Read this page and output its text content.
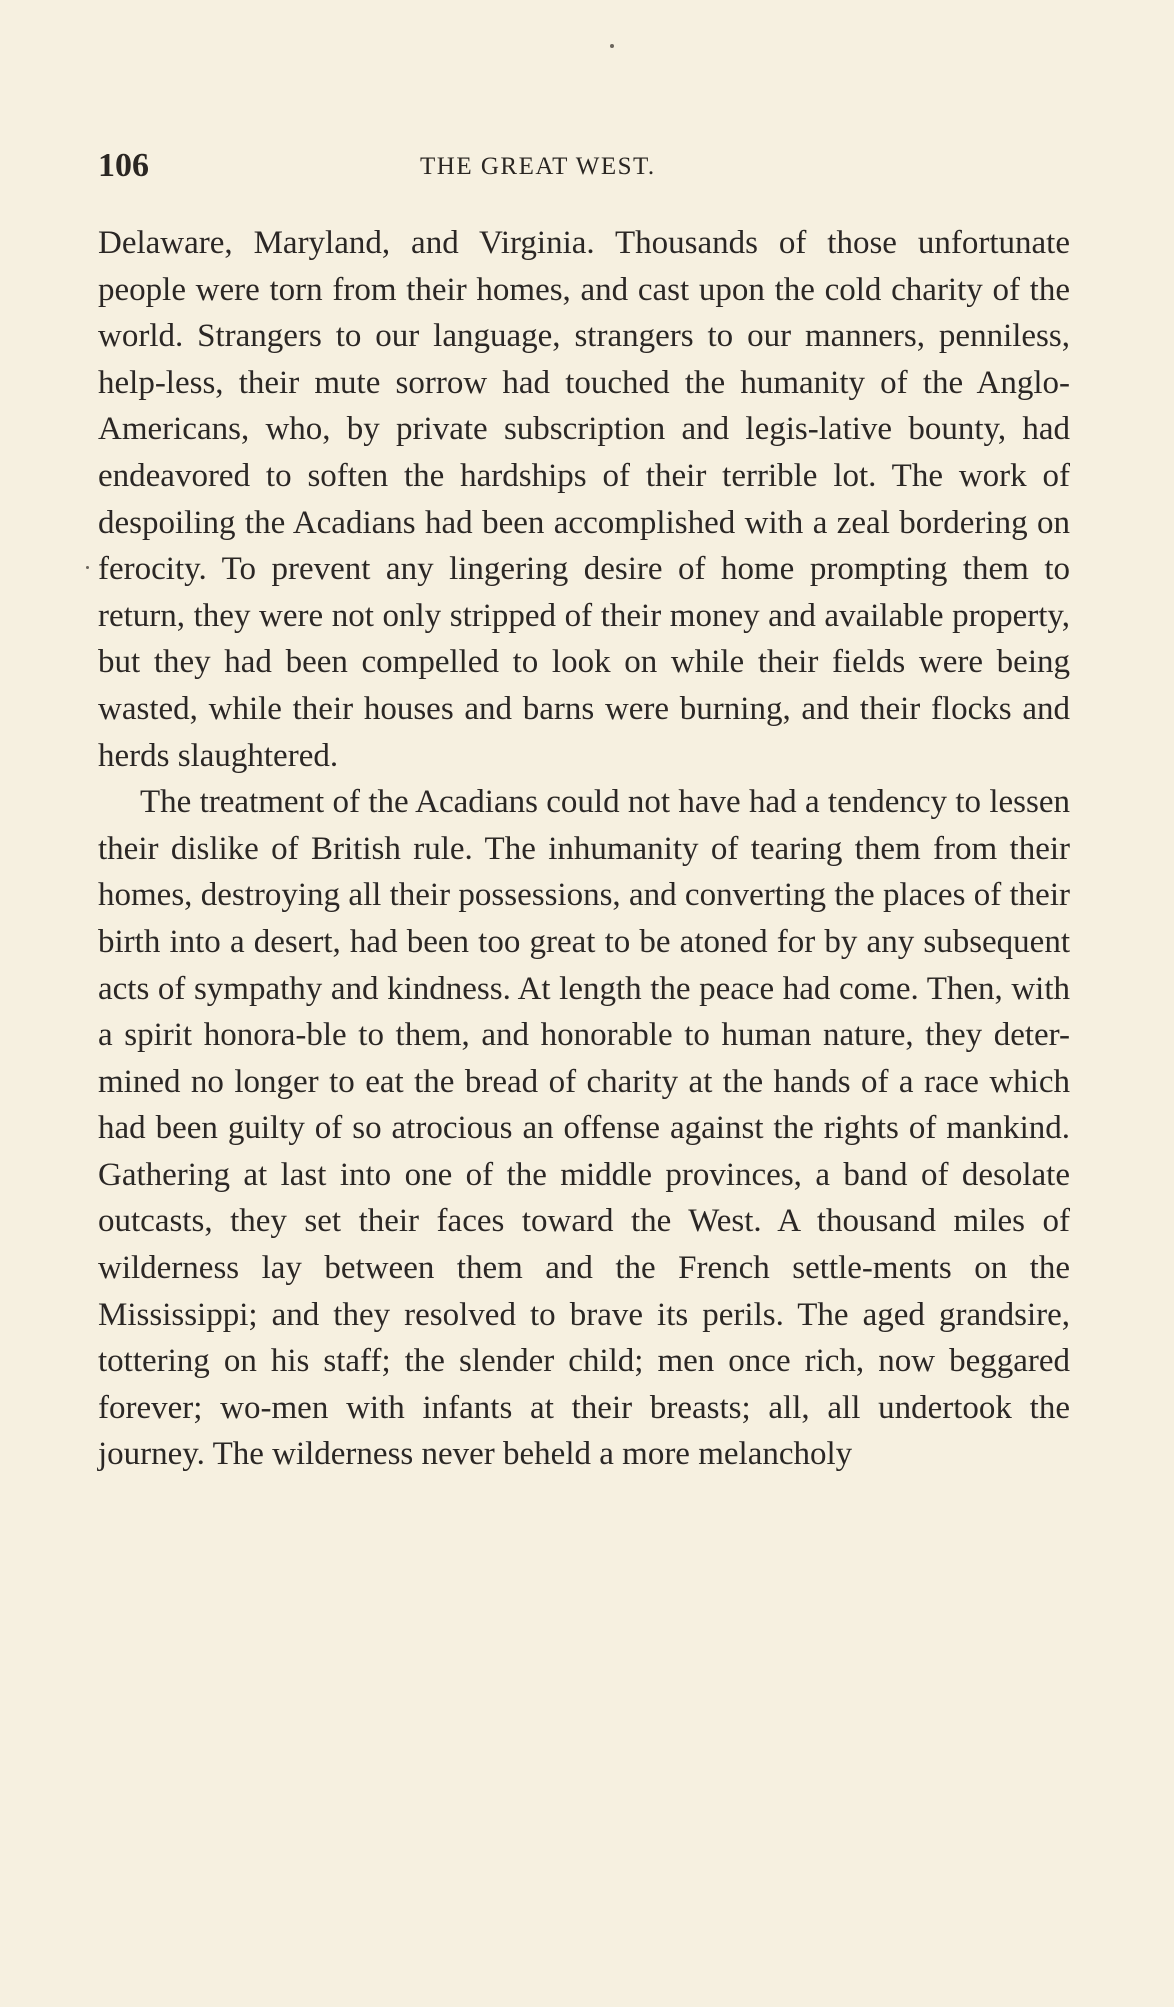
106	THE GREAT WEST.

Delaware, Maryland, and Virginia. Thousands of those unfortunate people were torn from their homes, and cast upon the cold charity of the world. Strangers to our language, strangers to our manners, penniless, help-less, their mute sorrow had touched the humanity of the Anglo-Americans, who, by private subscription and legis-lative bounty, had endeavored to soften the hardships of their terrible lot. The work of despoiling the Acadians had been accomplished with a zeal bordering on ferocity. To prevent any lingering desire of home prompting them to return, they were not only stripped of their money and available property, but they had been compelled to look on while their fields were being wasted, while their houses and barns were burning, and their flocks and herds slaughtered.

The treatment of the Acadians could not have had a tendency to lessen their dislike of British rule. The inhumanity of tearing them from their homes, destroying all their possessions, and converting the places of their birth into a desert, had been too great to be atoned for by any subsequent acts of sympathy and kindness. At length the peace had come. Then, with a spirit honora-ble to them, and honorable to human nature, they deter-mined no longer to eat the bread of charity at the hands of a race which had been guilty of so atrocious an offense against the rights of mankind. Gathering at last into one of the middle provinces, a band of desolate outcasts, they set their faces toward the West. A thousand miles of wilderness lay between them and the French settle-ments on the Mississippi; and they resolved to brave its perils. The aged grandsire, tottering on his staff; the slender child; men once rich, now beggared forever; wo-men with infants at their breasts; all, all undertook the journey. The wilderness never beheld a more melancholy
